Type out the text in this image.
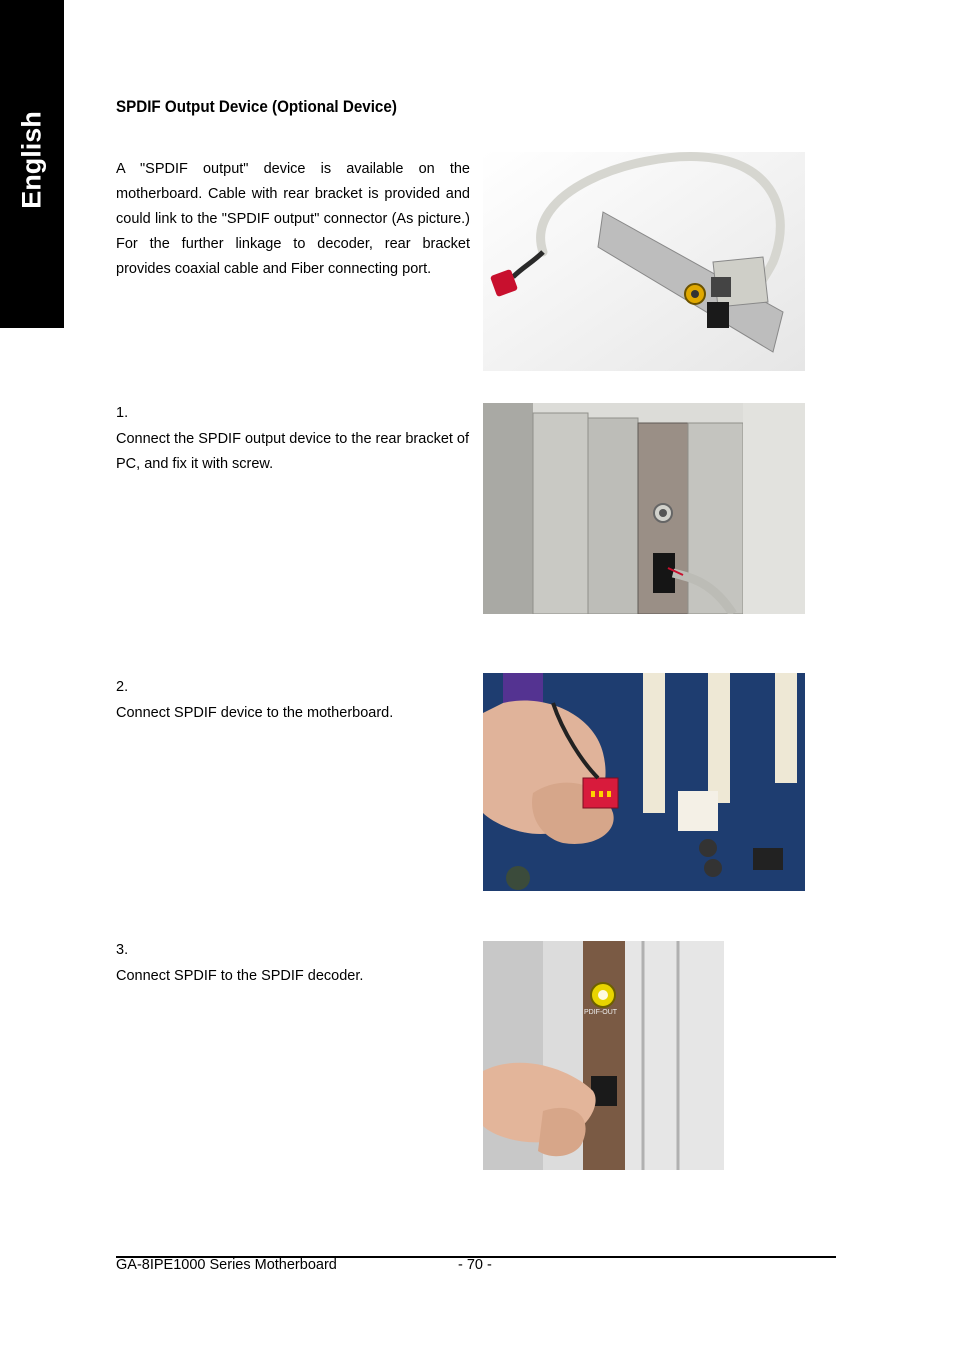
English
SPDIF Output Device (Optional Device)
A "SPDIF output" device is available on the motherboard. Cable with rear bracket is provided and could link to the "SPDIF output" connector (As picture.) For the further linkage to decoder, rear bracket provides coaxial cable and Fiber connecting port.
1.
Connect the SPDIF output device to the rear bracket of PC, and fix it with screw.
2.
Connect SPDIF device to the motherboard.
3.
Connect SPDIF to the SPDIF decoder.
PDIF-OUT
GA-8IPE1000 Series Motherboard	- 70 -
